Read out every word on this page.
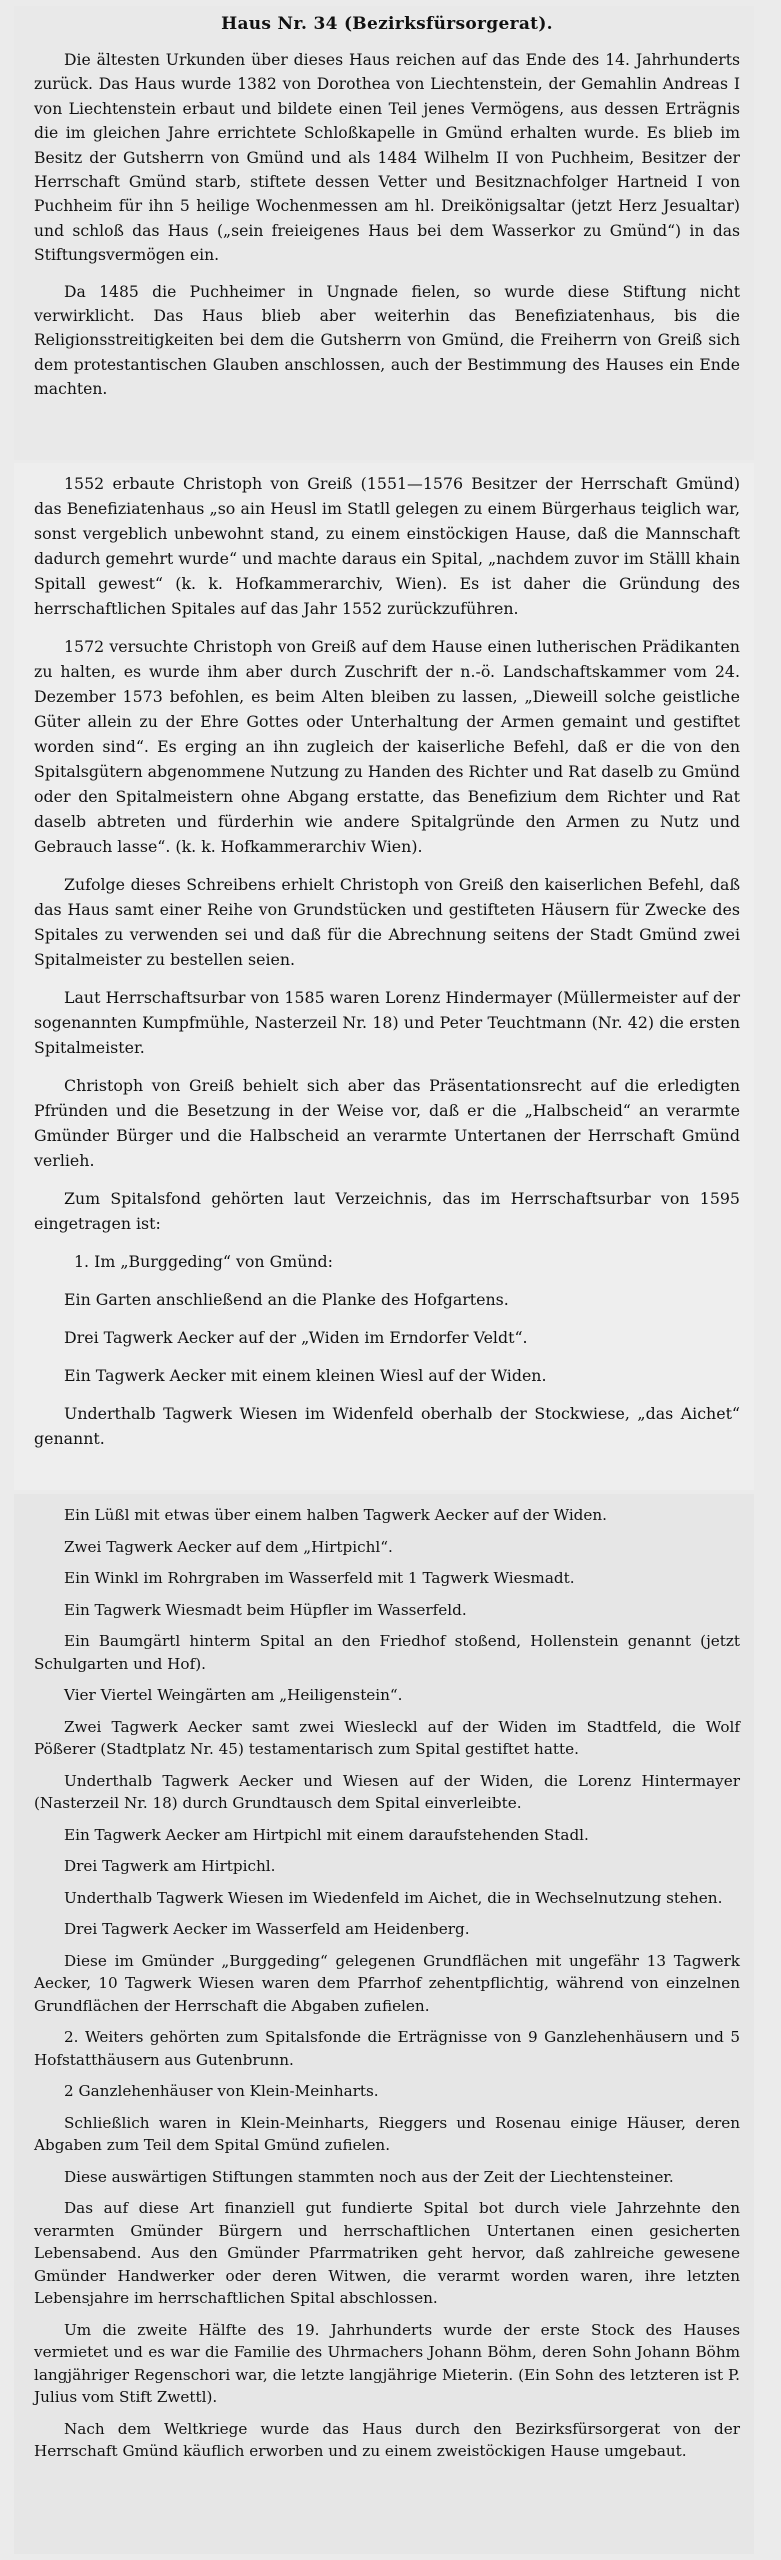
Haus Nr. 34 (Bezirksfürsorgerat).

Die ältesten Urkunden über dieses Haus reichen auf das Ende des 14. Jahrhunderts zurück. Das Haus wurde 1382 von Dorothea von Liechtenstein, der Gemahlin Andreas I von Liechtenstein erbaut und bildete einen Teil jenes Vermögens, aus dessen Erträgnis die im gleichen Jahre errichtete Schloßkapelle in Gmünd erhalten wurde. Es blieb im Besitz der Gutsherrn von Gmünd und als 1484 Wilhelm II von Puchheim, Besitzer der Herrschaft Gmünd starb, stiftete dessen Vetter und Besitznachfolger Hartneid I von Puchheim für ihn 5 heilige Wochenmessen am hl. Dreikönigsaltar (jetzt Herz Jesualtar) und schloß das Haus („sein freieigenes Haus bei dem Wasserkor zu Gmünd“) in das Stiftungsvermögen ein.

Da 1485 die Puchheimer in Ungnade fielen, so wurde diese Stiftung nicht verwirklicht. Das Haus blieb aber weiterhin das Benefiziatenhaus, bis die Religionsstreitigkeiten bei dem die Gutsherrn von Gmünd, die Freiherrn von Greiß sich dem protestantischen Glauben anschlossen, auch der Bestimmung des Hauses ein Ende machten.

1552 erbaute Christoph von Greiß (1551—1576 Besitzer der Herrschaft Gmünd) das Benefiziatenhaus „so ain Heusl im Statll gelegen zu einem Bürgerhaus teiglich war, sonst vergeblich unbewohnt stand, zu einem einstöckigen Hause, daß die Mannschaft dadurch gemehrt wurde“ und machte daraus ein Spital, „nachdem zuvor im Ställl khain Spitall gewest“ (k. k. Hofkammerarchiv, Wien). Es ist daher die Gründung des herrschaftlichen Spitales auf das Jahr 1552 zurückzuführen.

1572 versuchte Christoph von Greiß auf dem Hause einen lutherischen Prädikanten zu halten, es wurde ihm aber durch Zuschrift der n.-ö. Landschaftskammer vom 24. Dezember 1573 befohlen, es beim Alten bleiben zu lassen, „Dieweill solche geistliche Güter allein zu der Ehre Gottes oder Unterhaltung der Armen gemaint und gestiftet worden sind“. Es erging an ihn zugleich der kaiserliche Befehl, daß er die von den Spitalsgütern abgenommene Nutzung zu Handen des Richter und Rat daselb zu Gmünd oder den Spitalmeistern ohne Abgang erstatte, das Benefizium dem Richter und Rat daselb abtreten und fürderhin wie andere Spitalgründe den Armen zu Nutz und Gebrauch lasse“. (k. k. Hofkammerarchiv Wien).

Zufolge dieses Schreibens erhielt Christoph von Greiß den kaiserlichen Befehl, daß das Haus samt einer Reihe von Grundstücken und gestifteten Häusern für Zwecke des Spitales zu verwenden sei und daß für die Abrechnung seitens der Stadt Gmünd zwei Spitalmeister zu bestellen seien.

Laut Herrschaftsurbar von 1585 waren Lorenz Hindermayer (Müllermeister auf der sogenannten Kumpfmühle, Nasterzeil Nr. 18) und Peter Teuchtmann (Nr. 42) die ersten Spitalmeister.

Christoph von Greiß behielt sich aber das Präsentationsrecht auf die erledigten Pfründen und die Besetzung in der Weise vor, daß er die „Halbscheid“ an verarmte Gmünder Bürger und die Halbscheid an verarmte Untertanen der Herrschaft Gmünd verlieh.

Zum Spitalsfond gehörten laut Verzeichnis, das im Herrschaftsurbar von 1595 eingetragen ist:

1. Im „Burggeding“ von Gmünd:

Ein Garten anschließend an die Planke des Hofgartens.

Drei Tagwerk Aecker auf der „Widen im Erndorfer Veldt“.

Ein Tagwerk Aecker mit einem kleinen Wiesl auf der Widen.

Underthalb Tagwerk Wiesen im Widenfeld oberhalb der Stockwiese, „das Aichet“ genannt.

Ein Lüßl mit etwas über einem halben Tagwerk Aecker auf der Widen.

Zwei Tagwerk Aecker auf dem „Hirtpichl“.

Ein Winkl im Rohrgraben im Wasserfeld mit 1 Tagwerk Wiesmadt.

Ein Tagwerk Wiesmadt beim Hüpfler im Wasserfeld.

Ein Baumgärtl hinterm Spital an den Friedhof stoßend, Hollenstein genannt (jetzt Schulgarten und Hof).

Vier Viertel Weingärten am „Heiligenstein“.

Zwei Tagwerk Aecker samt zwei Wiesleckl auf der Widen im Stadtfeld, die Wolf Pößerer (Stadtplatz Nr. 45) testamentarisch zum Spital gestiftet hatte.

Underthalb Tagwerk Aecker und Wiesen auf der Widen, die Lorenz Hintermayer (Nasterzeil Nr. 18) durch Grundtausch dem Spital einverleibte.

Ein Tagwerk Aecker am Hirtpichl mit einem daraufstehenden Stadl.

Drei Tagwerk am Hirtpichl.

Underthalb Tagwerk Wiesen im Wiedenfeld im Aichet, die in Wechselnutzung stehen.

Drei Tagwerk Aecker im Wasserfeld am Heidenberg.

Diese im Gmünder „Burggeding“ gelegenen Grundflächen mit ungefähr 13 Tagwerk Aecker, 10 Tagwerk Wiesen waren dem Pfarrhof zehentpflichtig, während von einzelnen Grundflächen der Herrschaft die Abgaben zufielen.

2. Weiters gehörten zum Spitalsfonde die Erträgnisse von 9 Ganzlehenhäusern und 5 Hofstatthäusern aus Gutenbrunn.

2 Ganzlehenhäuser von Klein-Meinharts.

Schließlich waren in Klein-Meinharts, Rieggers und Rosenau einige Häuser, deren Abgaben zum Teil dem Spital Gmünd zufielen.

Diese auswärtigen Stiftungen stammten noch aus der Zeit der Liechtensteiner.

Das auf diese Art finanziell gut fundierte Spital bot durch viele Jahrzehnte den verarmten Gmünder Bürgern und herrschaftlichen Untertanen einen gesicherten Lebensabend. Aus den Gmünder Pfarrmatriken geht hervor, daß zahlreiche gewesene Gmünder Handwerker oder deren Witwen, die verarmt worden waren, ihre letzten Lebensjahre im herrschaftlichen Spital abschlossen.

Um die zweite Hälfte des 19. Jahrhunderts wurde der erste Stock des Hauses vermietet und es war die Familie des Uhrmachers Johann Böhm, deren Sohn Johann Böhm langjähriger Regenschori war, die letzte langjährige Mieterin. (Ein Sohn des letzteren ist P. Julius vom Stift Zwettl).

Nach dem Weltkriege wurde das Haus durch den Bezirksfürsorgerat von der Herrschaft Gmünd käuflich erworben und zu einem zweistöckigen Hause umgebaut.
